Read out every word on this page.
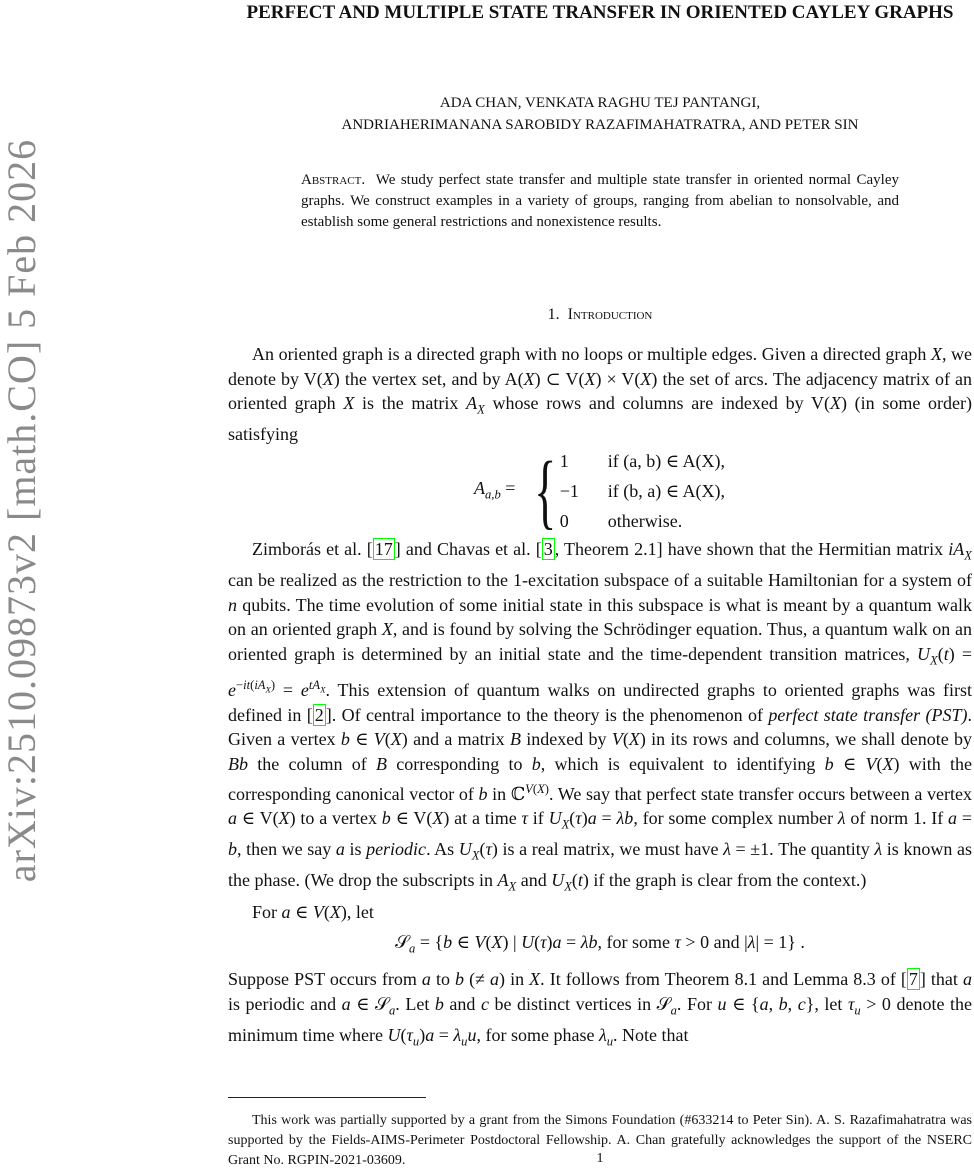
arXiv:2510.09873v2 [math.CO] 5 Feb 2026
PERFECT AND MULTIPLE STATE TRANSFER IN ORIENTED CAYLEY GRAPHS
ADA CHAN, VENKATA RAGHU TEJ PANTANGI,
ANDRIAHERIMANANA SAROBIDY RAZAFIMAHATRATRA, AND PETER SIN
Abstract. We study perfect state transfer and multiple state transfer in oriented normal Cayley graphs. We construct examples in a variety of groups, ranging from abelian to nonsolvable, and establish some general restrictions and nonexistence results.
1. Introduction

An oriented graph is a directed graph with no loops or multiple edges. Given a directed graph X, we denote by V(X) the vertex set, and by A(X) ⊂ V(X) × V(X) the set of arcs. The adjacency matrix of an oriented graph X is the matrix $A_X$ whose rows and columns are indexed by V(X) (in some order) satisfying

$A_{a,b}$ = { 1	if (a, b) ∈ A(X),
−1	if (b, a) ∈ A(X),
0	otherwise.

Zimborás et al. [ 17 ] and Chavas et al. [ 3 , Theorem 2.1] have shown that the Hermitian matrix $iA_X$ can be realized as the restriction to the 1-excitation subspace of a suitable Hamiltonian for a system of n qubits. The time evolution of some initial state in this subspace is what is meant by a quantum walk on an oriented graph X, and is found by solving the Schrödinger equation. Thus, a quantum walk on an oriented graph is determined by an initial state and the time-dependent transition matrices, $U_X(t) = e^{-it(iA_X)} = e^{tA_X}$. This extension of quantum walks on undirected graphs to oriented graphs was first defined in [ 2 ]. Of central importance to the theory is the phenomenon of perfect state transfer (PST). Given a vertex b ∈ V(X) and a matrix B indexed by V(X) in its rows and columns, we shall denote by Bb the column of B corresponding to b, which is equivalent to identifying b ∈ V(X) with the corresponding canonical vector of b in ℂ$^{V(X)}$. We say that perfect state transfer occurs between a vertex a ∈ V(X) to a vertex b ∈ V(X) at a time τ if $U_X(\tau)a = \lambda b$, for some complex number λ of norm 1. If a = b, then we say a is periodic. As $U_X(\tau)$ is a real matrix, we must have λ = ±1. The quantity λ is known as the phase. (We drop the subscripts in $A_X$ and $U_X(t)$ if the graph is clear from the context.)

For a ∈ V(X), let

𝒮$_a$ = {b ∈ V(X) | U(τ)a = λb, for some τ > 0 and |λ| = 1} .

Suppose PST occurs from a to b (≠ a) in X. It follows from Theorem 8.1 and Lemma 8.3 of [ 7 ] that a is periodic and a ∈ 𝒮$_a$. Let b and c be distinct vertices in 𝒮$_a$. For u ∈ {a, b, c}, let $\tau_u > 0$ denote the minimum time where $U(\tau_u)a = \lambda_uu$, for some phase $\lambda_u$. Note that

This work was partially supported by a grant from the Simons Foundation (#633214 to Peter Sin). A. S. Razafimahatratra was supported by the Fields-AIMS-Perimeter Postdoctoral Fellowship. A. Chan gratefully acknowledges the support of the NSERC Grant No. RGPIN-2021-03609.	1
